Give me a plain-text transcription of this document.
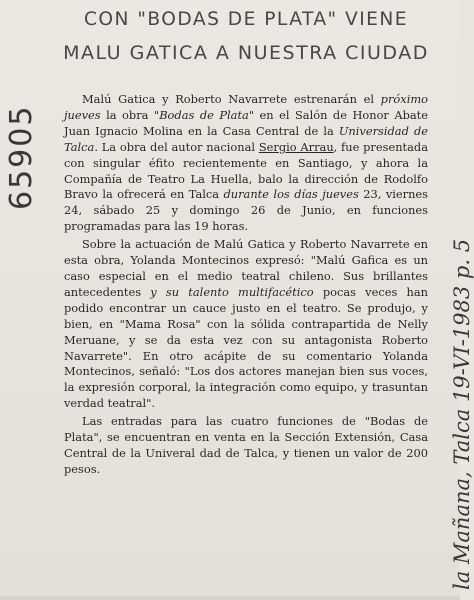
CON "BODAS DE PLATA" VIENE
MALU GATICA A NUESTRA CIUDAD
65905
la Mañana, Talca 19-VI-1983 p. 5

Malú Gatica y Roberto Navarrete estrenarán el próximo jueves la obra "Bodas de Plata" en el Salón de Honor Abate Juan Ignacio Molina en la Casa Central de la Universidad de Talca. La obra del autor nacional Sergio Arrau, fue presentada con singular éfito recientemente en Santiago, y ahora la Compañía de Teatro La Huella, balo la dirección de Rodolfo Bravo la ofrecerá en Talca durante los días jueves 23, viernes 24, sábado 25 y domingo 26 de Junio, en funciones programadas para las 19 horas.

Sobre la actuación de Malú Gatica y Roberto Navarrete en esta obra, Yolanda Montecinos expresó: "Malú Gafica es un caso especial en el medio teatral chileno. Sus brillantes antecedentes y su talento multifacético pocas veces han podido encontrar un cauce justo en el teatro. Se produjo, y bien, en "Mama Rosa" con la sólida contrapartida de Nelly Meruane, y se da esta vez con su antagonista Roberto Navarrete". En otro acápite de su comentario Yolanda Montecinos, señaló: "Los dos actores manejan bien sus voces, la expresión corporal, la integración como equipo, y trasuntan verdad teatral".

Las entradas para las cuatro funciones de "Bodas de Plata", se encuentran en venta en la Sección Extensión, Casa Central de la Univeral dad de Talca, y tienen un valor de 200 pesos.
